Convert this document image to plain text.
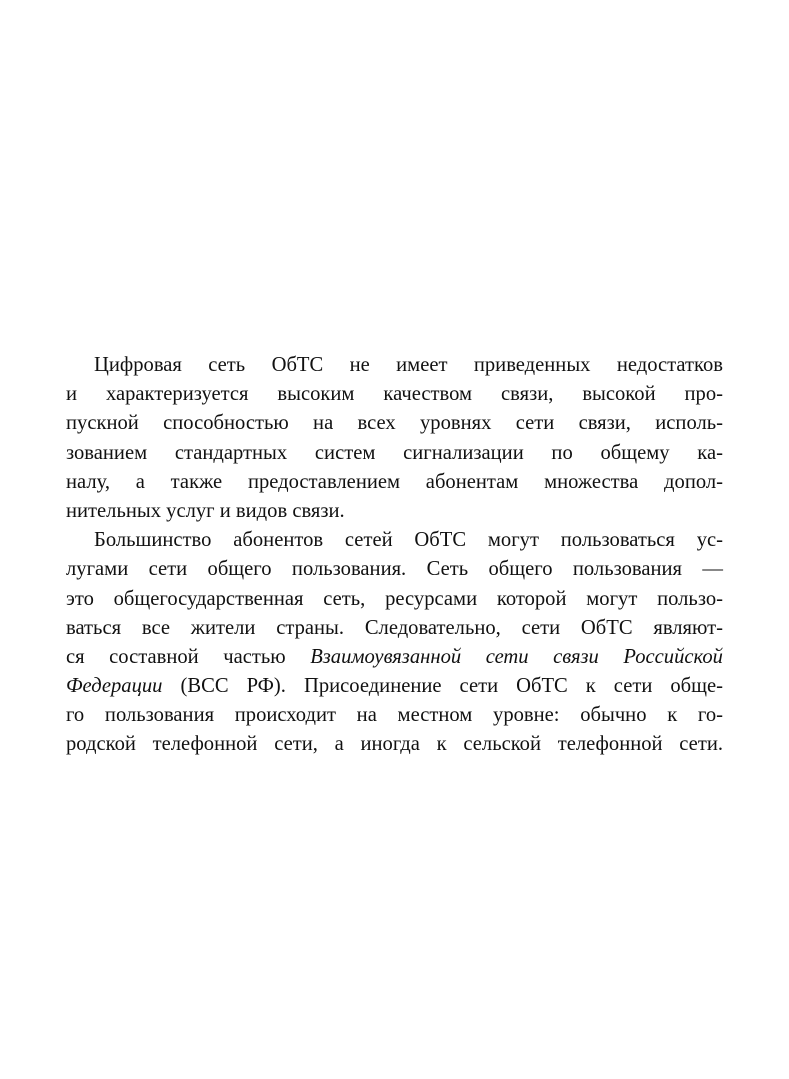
Цифровая сеть ОбТС не имеет приведенных недостатков
и характеризуется высоким качеством связи, высокой про-
пускной способностью на всех уровнях сети связи, исполь-
зованием стандартных систем сигнализации по общему ка-
налу, а также предоставлением абонентам множества допол-
нительных услуг и видов связи.
Большинство абонентов сетей ОбТС могут пользоваться ус-
лугами сети общего пользования. Сеть общего пользования —
это общегосударственная сеть, ресурсами которой могут пользо-
ваться все жители страны. Следовательно, сети ОбТС являют-
ся составной частью Взаимоувязанной сети связи Российской
Федерации (ВСС РФ). Присоединение сети ОбТС к сети обще-
го пользования происходит на местном уровне: обычно к го-
родской телефонной сети, а иногда к сельской телефонной сети.
